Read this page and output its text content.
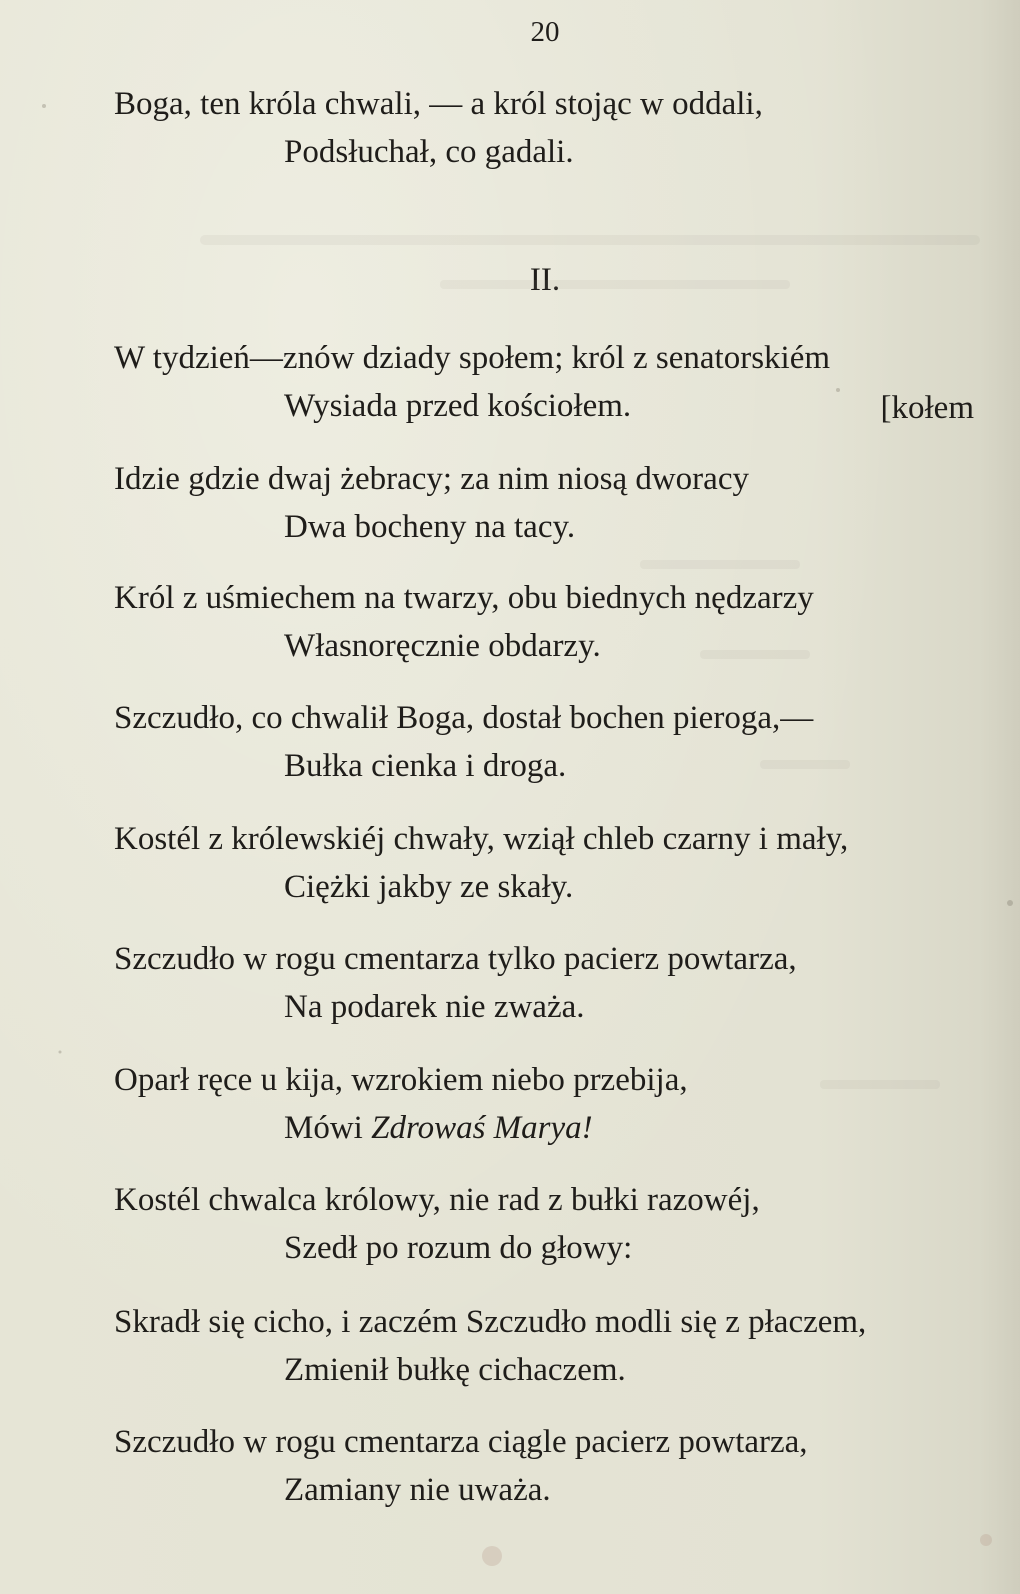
20
Boga, ten króla chwali, — a król stojąc w oddali,
Podsłuchał, co gadali.
II.
W tydzień—znów dziady społem; król z senatorskiém
Wysiada przed kościołem.	[kołem
Idzie gdzie dwaj żebracy; za nim niosą dworacy
Dwa bocheny na tacy.
Król z uśmiechem na twarzy, obu biednych nędzarzy
Własnoręcznie obdarzy.
Szczudło, co chwalił Boga, dostał bochen pieroga,—
Bułka cienka i droga.
Kostél z królewskiéj chwały, wziął chleb czarny i mały,
Ciężki jakby ze skały.
Szczudło w rogu cmentarza tylko pacierz powtarza,
Na podarek nie zważa.
Oparł ręce u kija, wzrokiem niebo przebija,
Mówi Zdrowaś Marya!
Kostél chwalca królowy, nie rad z bułki razowéj,
Szedł po rozum do głowy:
Skradł się cicho, i zaczém Szczudło modli się z płaczem,
Zmienił bułkę cichaczem.
Szczudło w rogu cmentarza ciągle pacierz powtarza,
Zamiany nie uważa.
